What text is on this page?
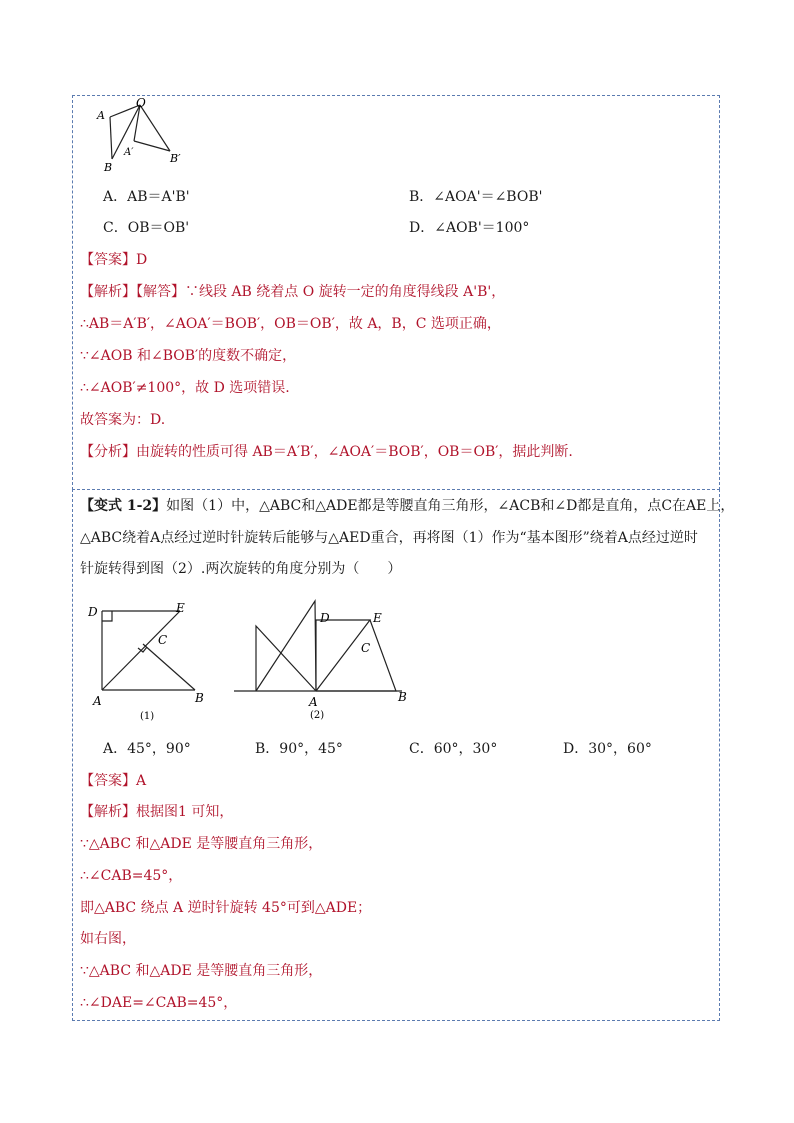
O
A
B
A′	B′
A．AB＝A'B'	B．∠AOA'＝∠BOB'
C．OB＝OB'	D．∠AOB'＝100°
【答案】D
【解析】【解答】∵线段 AB 绕着点 O 旋转一定的角度得线段 A'B'，
∴AB＝A′B′，∠AOA′＝BOB′，OB＝OB′，故 A，B，C 选项正确，
∵∠AOB 和∠BOB′的度数不确定，
∴∠AOB′≠100°，故 D 选项错误.
故答案为：D.
【分析】由旋转的性质可得 AB＝A′B′，∠AOA′＝BOB′，OB＝OB′，据此判断.
【变式 1-2】如图（1）中，△ABC和△ADE都是等腰直角三角形，∠ACB和∠D都是直角，点C在AE上，
△ABC绕着A点经过逆时针旋转后能够与△AED重合，再将图（1）作为“基本图形”绕着A点经过逆时
针旋转得到图（2）.两次旋转的角度分别为（　　）
D	E
C
A	B
(1)
D	E
C
A	B
(2)
A．45°，90°	B．90°，45°	C．60°，30°	D．30°，60°
【答案】A
【解析】根据图1 可知，
∵△ABC 和△ADE 是等腰直角三角形，
∴∠CAB=45°，
即△ABC 绕点 A 逆时针旋转 45°可到△ADE；
如右图，
∵△ABC 和△ADE 是等腰直角三角形，
∴∠DAE=∠CAB=45°，
